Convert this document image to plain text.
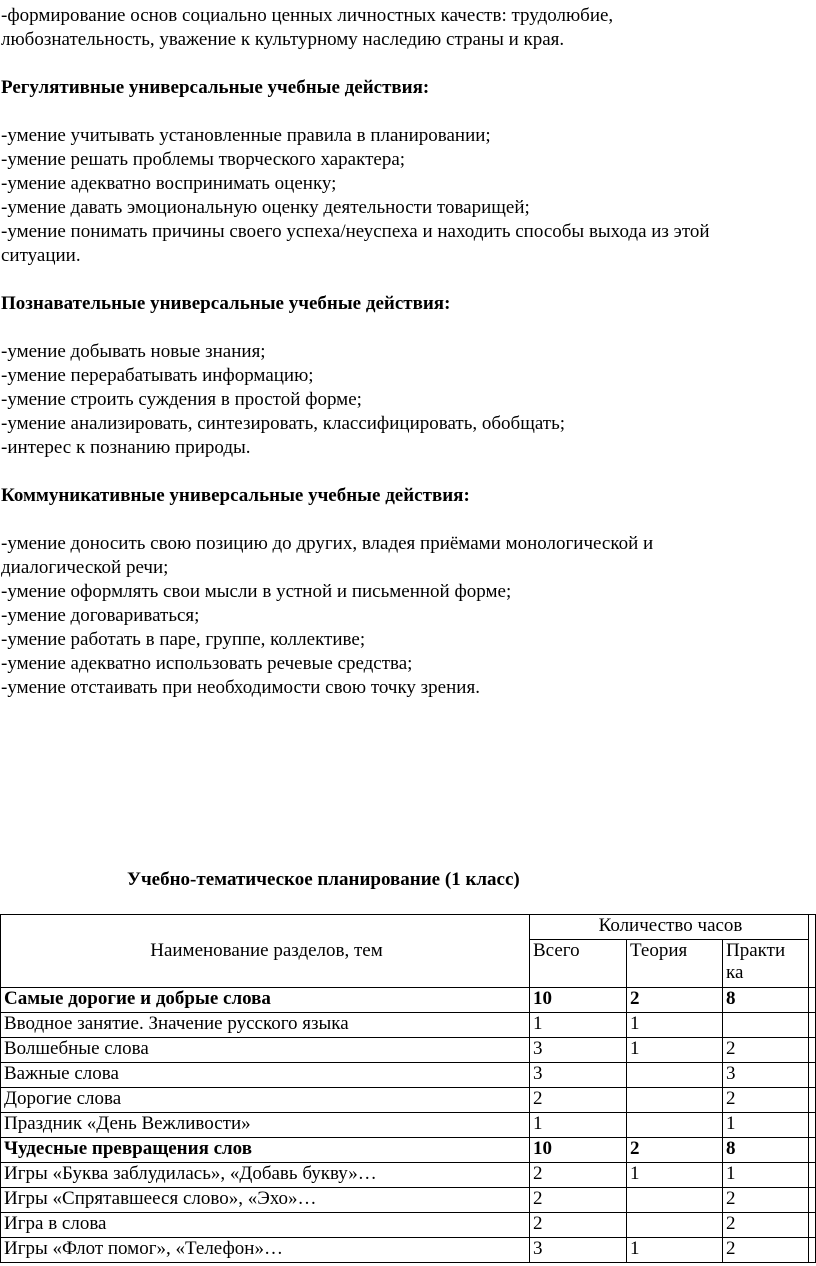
-формирование основ социально ценных личностных качеств: трудолюбие,
любознательность, уважение к культурному наследию страны и края.
Регулятивные универсальные учебные действия:
-умение учитывать установленные правила в планировании;
-умение решать проблемы творческого характера;
-умение адекватно воспринимать оценку;
-умение давать эмоциональную оценку деятельности товарищей;
-умение понимать причины своего успеха/неуспеха и находить способы выхода из этой
ситуации.
Познавательные универсальные учебные действия:
-умение добывать новые знания;
-умение перерабатывать информацию;
-умение строить суждения в простой форме;
-умение анализировать, синтезировать, классифицировать, обобщать;
-интерес к познанию природы.
Коммуникативные универсальные учебные действия:
-умение доносить свою позицию до других, владея приёмами монологической и
диалогической речи;
-умение оформлять свои мысли в устной и письменной форме;
-умение договариваться;
-умение работать в паре, группе, коллективе;
-умение адекватно использовать речевые средства;
-умение отстаивать при необходимости свою точку зрения.
Учебно-тематическое планирование (1 класс)
Наименование разделов, тем	Количество часов			
	Всего	Теория	Практи
ка	
Самые дорогие и добрые слова	10	2	8	
Вводное занятие. Значение русского языка	1	1		
Волшебные слова	3	1	2	
Важные слова	3		3	
Дорогие слова	2		2	
Праздник «День Вежливости»	1		1	
Чудесные превращения слов	10	2	8	
Игры «Буква заблудилась», «Добавь букву»…	2	1	1	
Игры «Спрятавшееся слово», «Эхо»…	2		2	
Игра в слова	2		2	
Игры «Флот помог», «Телефон»…	3	1	2	
